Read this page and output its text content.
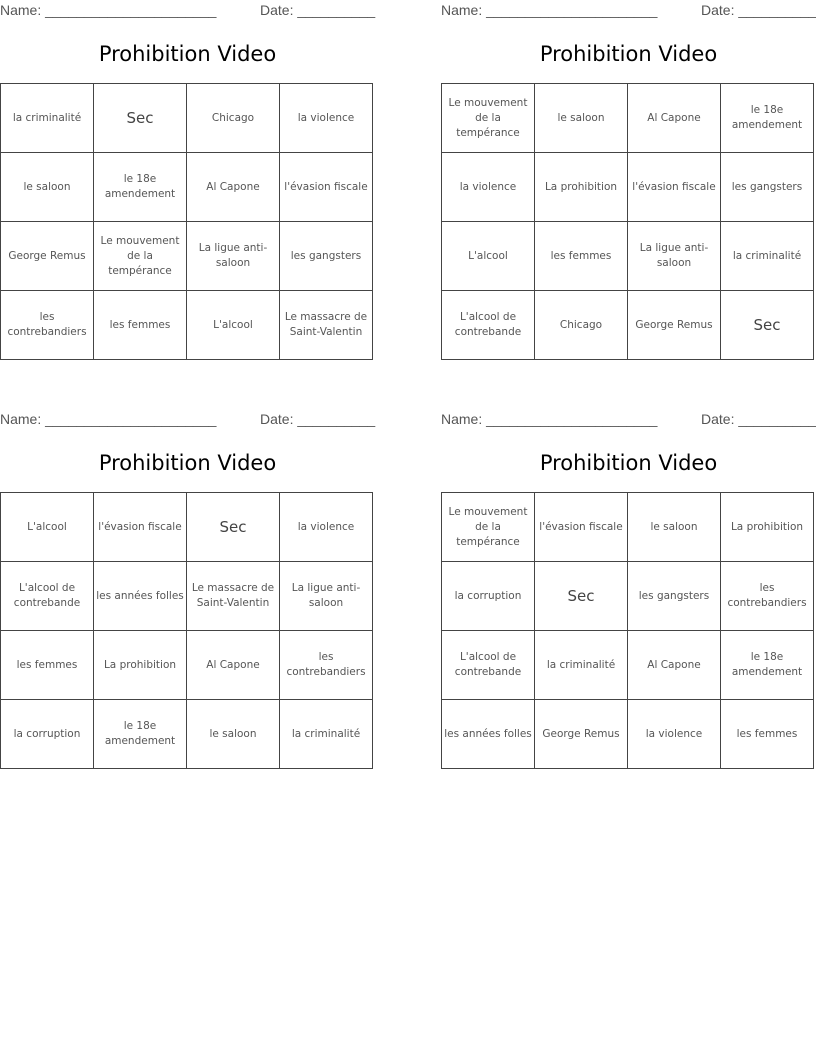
Name: ______________________	Date: __________
Prohibition Video
la criminalité	Sec	Chicago	la violence
le saloon	le 18e amendement	Al Capone	l'évasion fiscale
George Remus	Le mouvement de la tempérance	La ligue anti-saloon	les gangsters
les contrebandiers	les femmes	L'alcool	Le massacre de Saint-Valentin
Name: ______________________	Date: __________
Prohibition Video
Le mouvement de la tempérance	le saloon	Al Capone	le 18e amendement
la violence	La prohibition	l'évasion fiscale	les gangsters
L'alcool	les femmes	La ligue anti-saloon	la criminalité
L'alcool de contrebande	Chicago	George Remus	Sec
Name: ______________________	Date: __________
Prohibition Video
L'alcool	l'évasion fiscale	Sec	la violence
L'alcool de contrebande	les années folles	Le massacre de Saint-Valentin	La ligue anti-saloon
les femmes	La prohibition	Al Capone	les contrebandiers
la corruption	le 18e amendement	le saloon	la criminalité
Name: ______________________	Date: __________
Prohibition Video
Le mouvement de la tempérance	l'évasion fiscale	le saloon	La prohibition
la corruption	Sec	les gangsters	les contrebandiers
L'alcool de contrebande	la criminalité	Al Capone	le 18e amendement
les années folles	George Remus	la violence	les femmes
